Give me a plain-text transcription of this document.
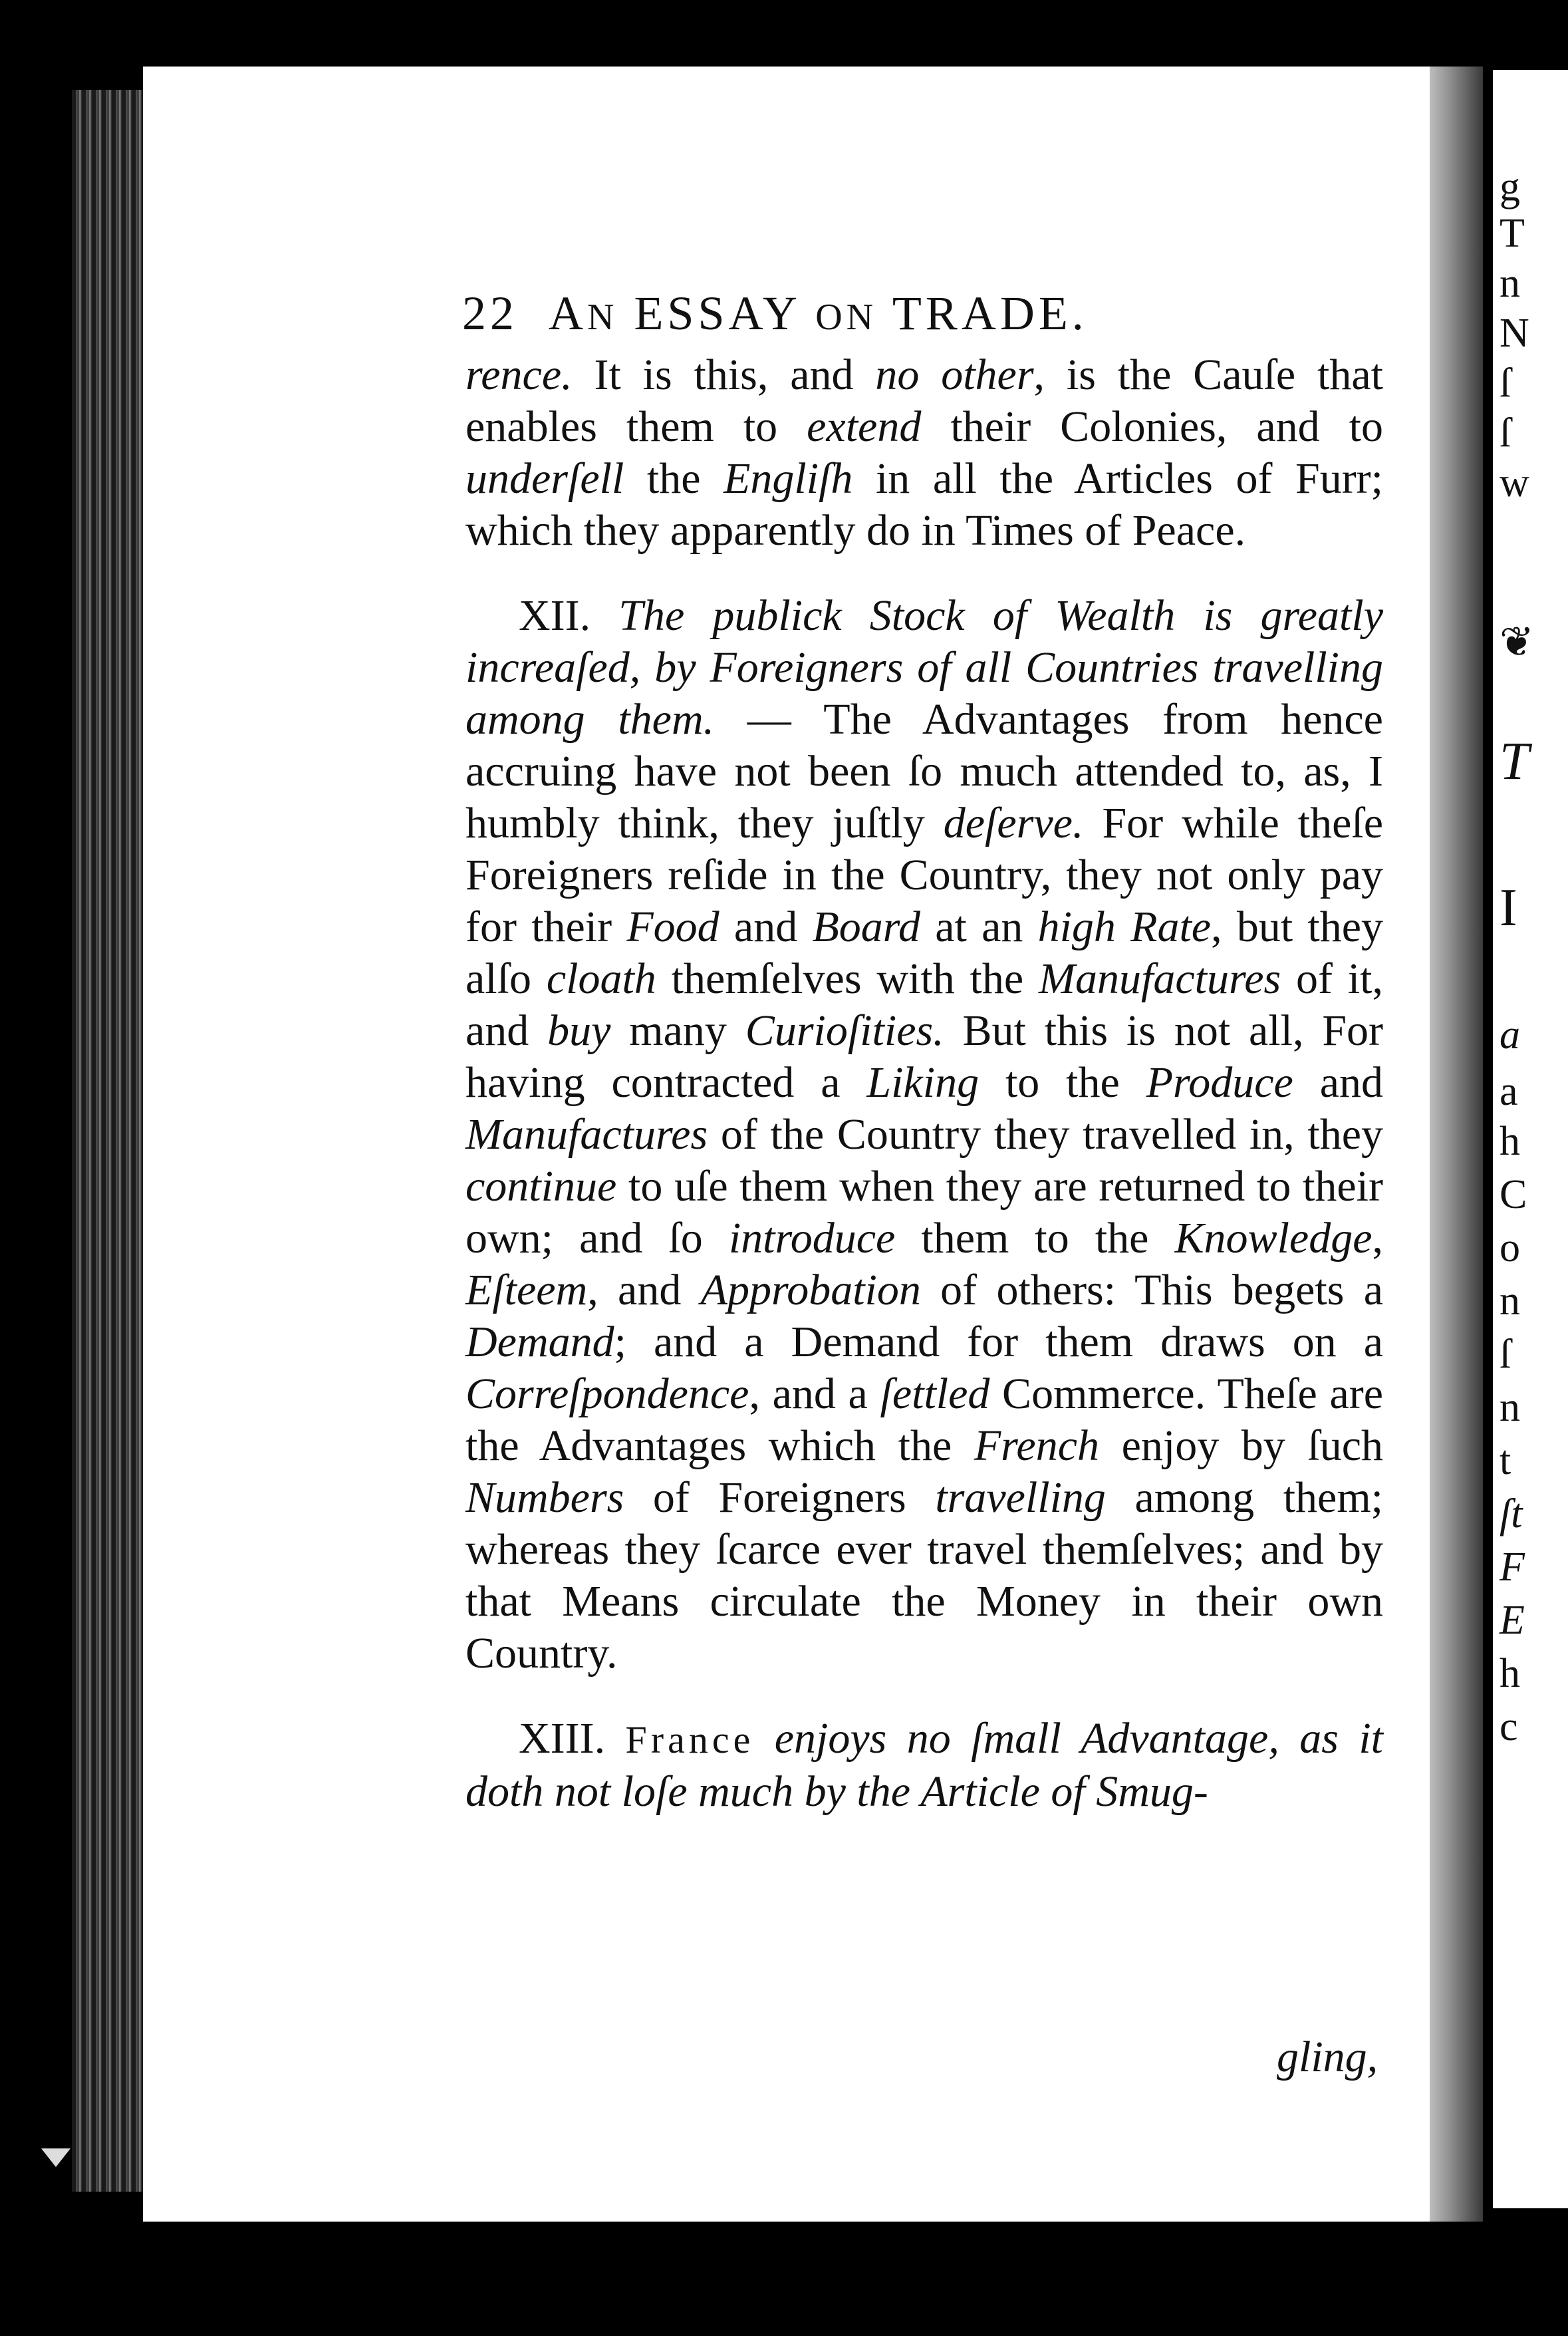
g
T
n
N
ſ
ſ
w
❦
T
I
a
a
h
C
o
n
ſ
n
t
ſt
F
E
h
c
22 AN ESSAY ON TRADE.

rence. It is this, and no other, is the Cauſe that enables them to extend their Colonies, and to underſell the Engliſh in all the Articles of Furr; which they apparently do in Times of Peace.

XII. The publick Stock of Wealth is greatly increaſed, by Foreigners of all Countries travelling among them. — The Advantages from hence accruing have not been ſo much attended to, as, I humbly think, they juſtly deſerve. For while theſe Foreigners reſide in the Country, they not only pay for their Food and Board at an high Rate, but they alſo cloath themſelves with the Manufactures of it, and buy many Curioſities. But this is not all, For having contracted a Liking to the Produce and Manufactures of the Country they travelled in, they continue to uſe them when they are returned to their own; and ſo introduce them to the Knowledge, Eſteem, and Approbation of others: This begets a Demand; and a Demand for them draws on a Correſpondence, and a ſettled Commerce. Theſe are the Advantages which the French enjoy by ſuch Numbers of Foreigners travelling among them; whereas they ſcarce ever travel themſelves; and by that Means circulate the Money in their own Country.

XIII. France enjoys no ſmall Advantage, as it doth not loſe much by the Article of Smug-

gling,
